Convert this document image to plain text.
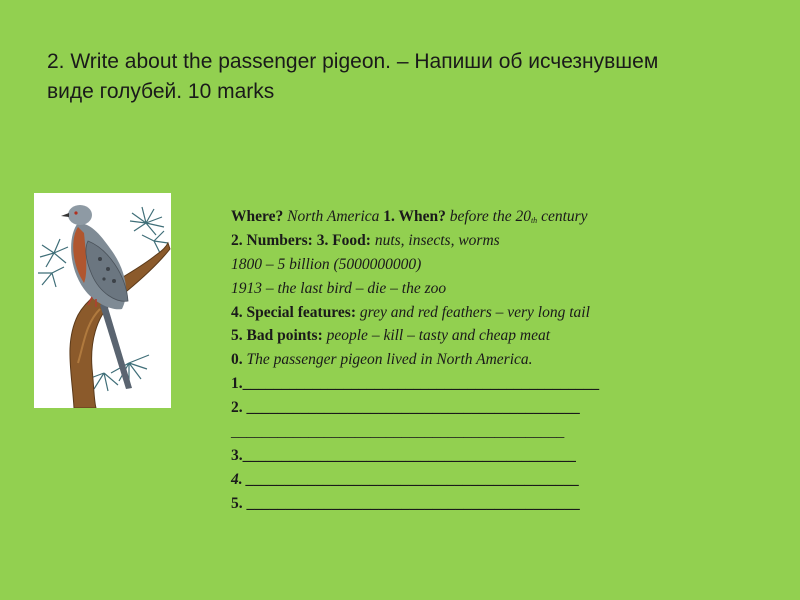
2. Write about the passenger pigeon. – Напиши об исчезнувшем
виде голубей. 10 marks
Where? North America 1. When? before the 20th century
2. Numbers: 3. Food: nuts, insects, worms
1800 – 5 billion (5000000000)
1913 – the last bird – die – the zoo
4. Special features: grey and red feathers – very long tail
5. Bad points: people – kill – tasty and cheap meat
0. The passenger pigeon lived in North America.
1.______________________________________________
2. ___________________________________________
___________________________________________
3.___________________________________________
4. ___________________________________________
5. ___________________________________________
